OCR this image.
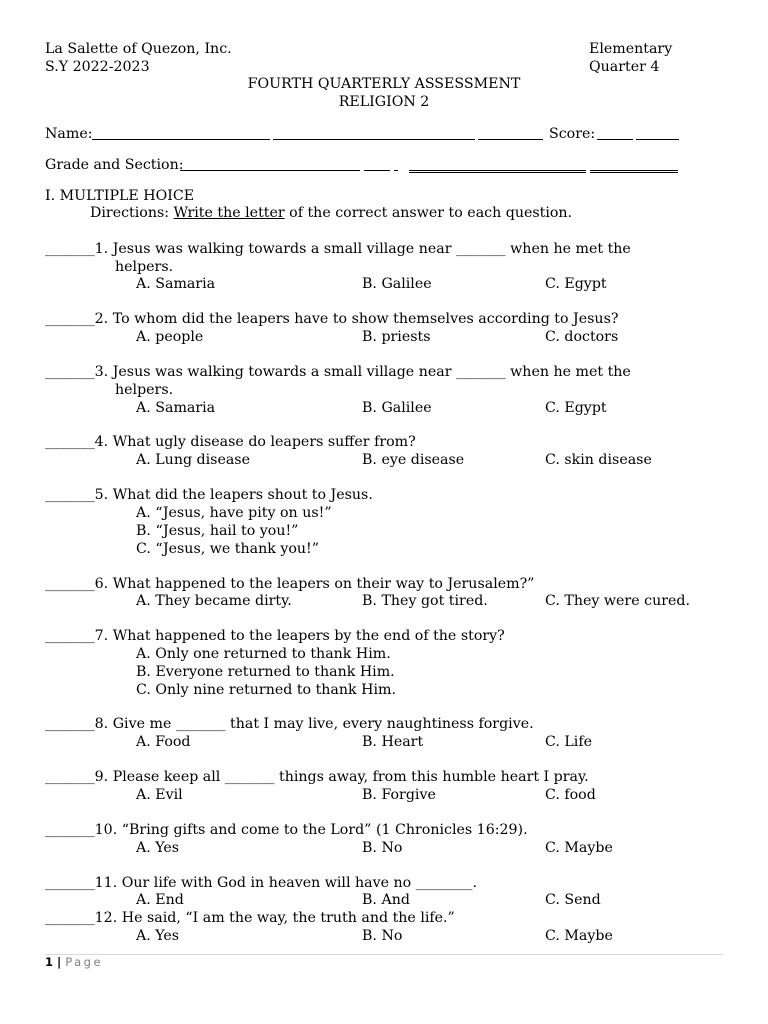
La Salette of Quezon, Inc.
S.Y 2022-2023
Elementary
Quarter 4
FOURTH QUARTERLY ASSESSMENT
RELIGION 2
Name:	Score:
Grade and Section:
I. MULTIPLE HOICE
Directions: Write the letter of the correct answer to each question.
_______1. Jesus was walking towards a small village near _______ when he met the
helpers.
A. Samaria	B. Galilee	C. Egypt
_______2. To whom did the leapers have to show themselves according to Jesus?
A. people	B. priests	C. doctors
_______3. Jesus was walking towards a small village near _______ when he met the
helpers.
A. Samaria	B. Galilee	C. Egypt
_______4. What ugly disease do leapers suffer from?
A. Lung disease	B. eye disease	C. skin disease
_______5. What did the leapers shout to Jesus.
A. “Jesus, have pity on us!”
B. “Jesus, hail to you!”
C. “Jesus, we thank you!”
_______6. What happened to the leapers on their way to Jerusalem?”
A. They became dirty.	B. They got tired.	C. They were cured.
_______7. What happened to the leapers by the end of the story?
A. Only one returned to thank Him.
B. Everyone returned to thank Him.
C. Only nine returned to thank Him.
_______8. Give me _______ that I may live, every naughtiness forgive.
A. Food	B. Heart	C. Life
_______9. Please keep all _______ things away, from this humble heart I pray.
A. Evil	B. Forgive	C. food
_______10. “Bring gifts and come to the Lord” (1 Chronicles 16:29).
A. Yes	B. No	C. Maybe
_______11. Our life with God in heaven will have no ________.
A. End	B. And	C. Send
_______12. He said, “I am the way, the truth and the life.”
A. Yes	B. No	C. Maybe
1 | Page
